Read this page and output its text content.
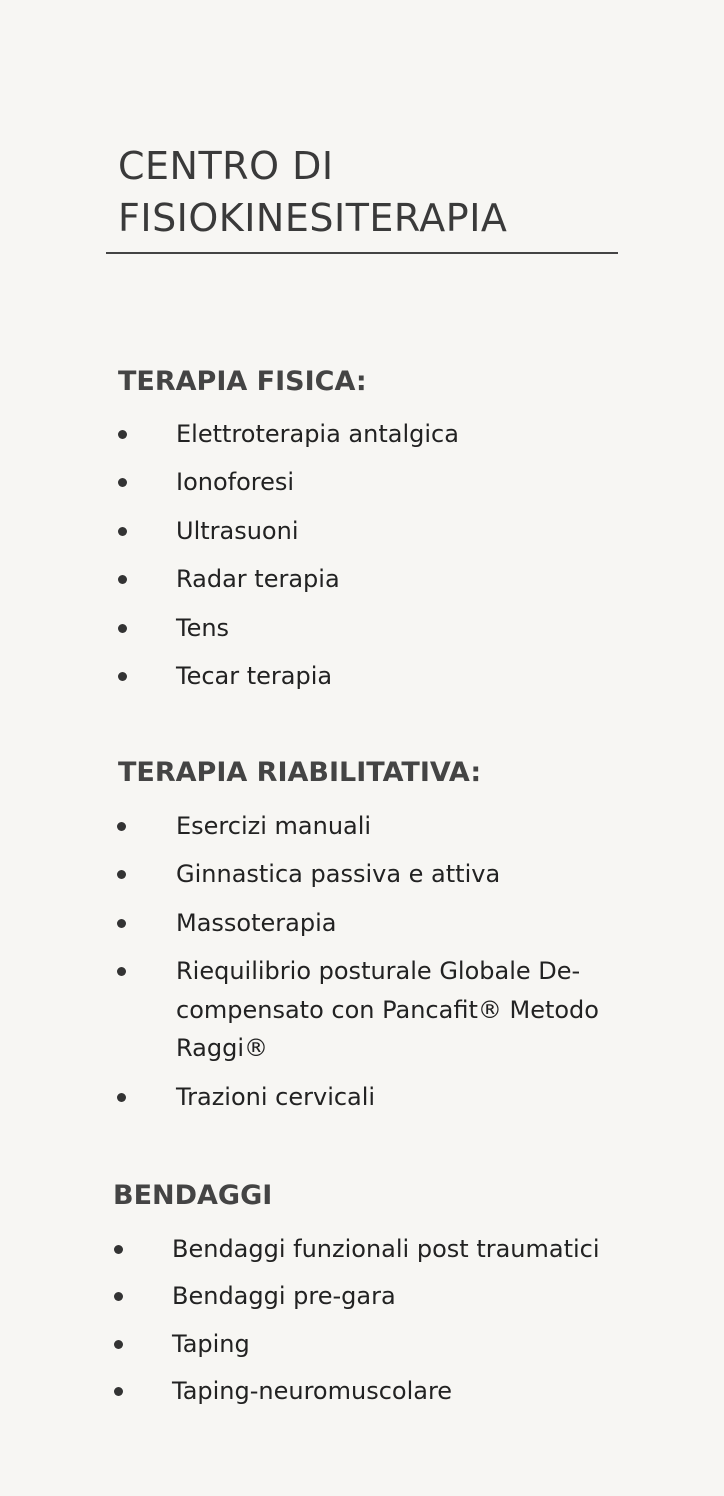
CENTRO DI
FISIOKINESITERAPIA
TERAPIA FISICA:
Elettroterapia antalgica
Ionoforesi
Ultrasuoni
Radar terapia
Tens
Tecar terapia
TERAPIA RIABILITATIVA:
Esercizi manuali
Ginnastica passiva e attiva
Massoterapia
Riequilibrio posturale Globale De-compensato con Pancafit® Metodo Raggi®
Trazioni cervicali
BENDAGGI
Bendaggi funzionali post traumatici
Bendaggi pre-gara
Taping
Taping-neuromuscolare
